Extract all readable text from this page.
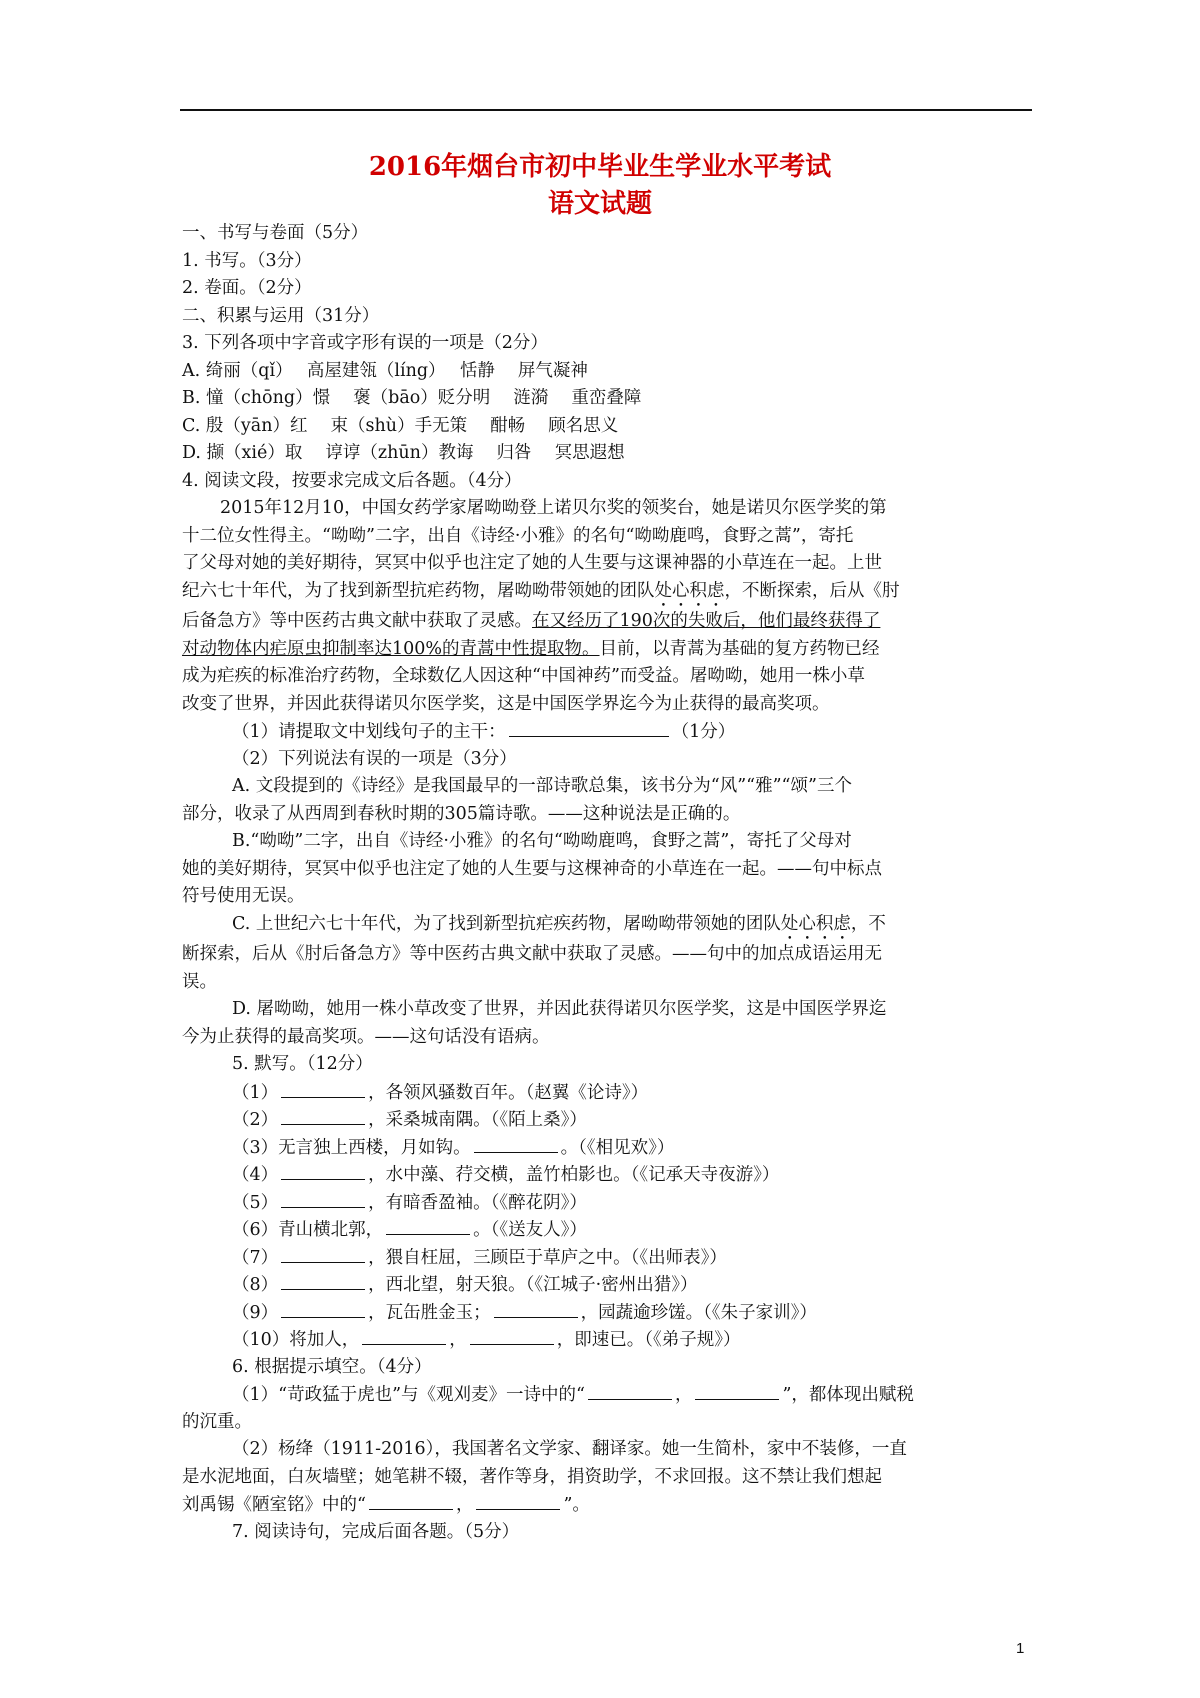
2016年烟台市初中毕业生学业水平考试
语文试题
一、书写与卷面（5分）
1. 书写。（3分）
2. 卷面。（2分）
二、积累与运用（31分）
3. 下列各项中字音或字形有误的一项是（2分）
A. 绮丽（qǐ）　 高屋建瓴（líng）　 恬静　 屏气凝神
B. 憧（chōng）憬　 褒（bāo）贬分明　 涟漪　 重峦叠障
C. 殷（yān）红　 束（shù）手无策　 酣畅　 顾名思义
D. 撷（xié）取　 谆谆（zhūn）教诲　 归咎　 冥思遐想
4. 阅读文段，按要求完成文后各题。（4分）
2015年12月10，中国女药学家屠呦呦登上诺贝尔奖的领奖台，她是诺贝尔医学奖的第
十二位女性得主。“呦呦”二字，出自《诗经·小雅》的名句“呦呦鹿鸣，食野之蒿”，寄托
了父母对她的美好期待，冥冥中似乎也注定了她的人生要与这课神器的小草连在一起。上世
纪六七十年代，为了找到新型抗疟药物，屠呦呦带领她的团队处心积虑，不断探索，后从《肘
后备急方》等中医药古典文献中获取了灵感。在又经历了190次的失败后，他们最终获得了
对动物体内疟原虫抑制率达100%的青蒿中性提取物。目前，以青蒿为基础的复方药物已经
成为疟疾的标准治疗药物，全球数亿人因这种“中国神药”而受益。屠呦呦，她用一株小草
改变了世界，并因此获得诺贝尔医学奖，这是中国医学界迄今为止获得的最高奖项。
（1）请提取文中划线句子的主干：	（1分）
（2）下列说法有误的一项是（3分）
A. 文段提到的《诗经》是我国最早的一部诗歌总集，该书分为“风”“雅”“颂”三个
部分，收录了从西周到春秋时期的305篇诗歌。——这种说法是正确的。
B.“呦呦”二字，出自《诗经·小雅》的名句“呦呦鹿鸣，食野之蒿”，寄托了父母对
她的美好期待，冥冥中似乎也注定了她的人生要与这棵神奇的小草连在一起。——句中标点
符号使用无误。
C. 上世纪六七十年代，为了找到新型抗疟疾药物，屠呦呦带领她的团队处心积虑，不
断探索，后从《肘后备急方》等中医药古典文献中获取了灵感。——句中的加点成语运用无
误。
D. 屠呦呦，她用一株小草改变了世界，并因此获得诺贝尔医学奖，这是中国医学界迄
今为止获得的最高奖项。——这句话没有语病。
5. 默写。（12分）
（1）	，各领风骚数百年。（赵翼《论诗》）
（2）	，采桑城南隅。（《陌上桑》）
（3）无言独上西楼，月如钩。	。（《相见欢》）
（4）	，水中藻、荇交横，盖竹柏影也。（《记承天寺夜游》）
（5）	，有暗香盈袖。（《醉花阴》）
（6）青山横北郭，	。（《送友人》）
（7）	，猥自枉屈，三顾臣于草庐之中。（《出师表》）
（8）	，西北望，射天狼。（《江城子·密州出猎》）
（9）	，瓦缶胜金玉；	，园蔬逾珍馐。（《朱子家训》）
（10）将加人，	，	，即速已。（《弟子规》）
6. 根据提示填空。（4分）
（1）“苛政猛于虎也”与《观刈麦》一诗中的“	，	”，都体现出赋税
的沉重。
（2）杨绛（1911-2016），我国著名文学家、翻译家。她一生简朴，家中不装修，一直
是水泥地面，白灰墙壁；她笔耕不辍，著作等身，捐资助学，不求回报。这不禁让我们想起
刘禹锡《陋室铭》中的“	，	”。
7. 阅读诗句，完成后面各题。（5分）
1
